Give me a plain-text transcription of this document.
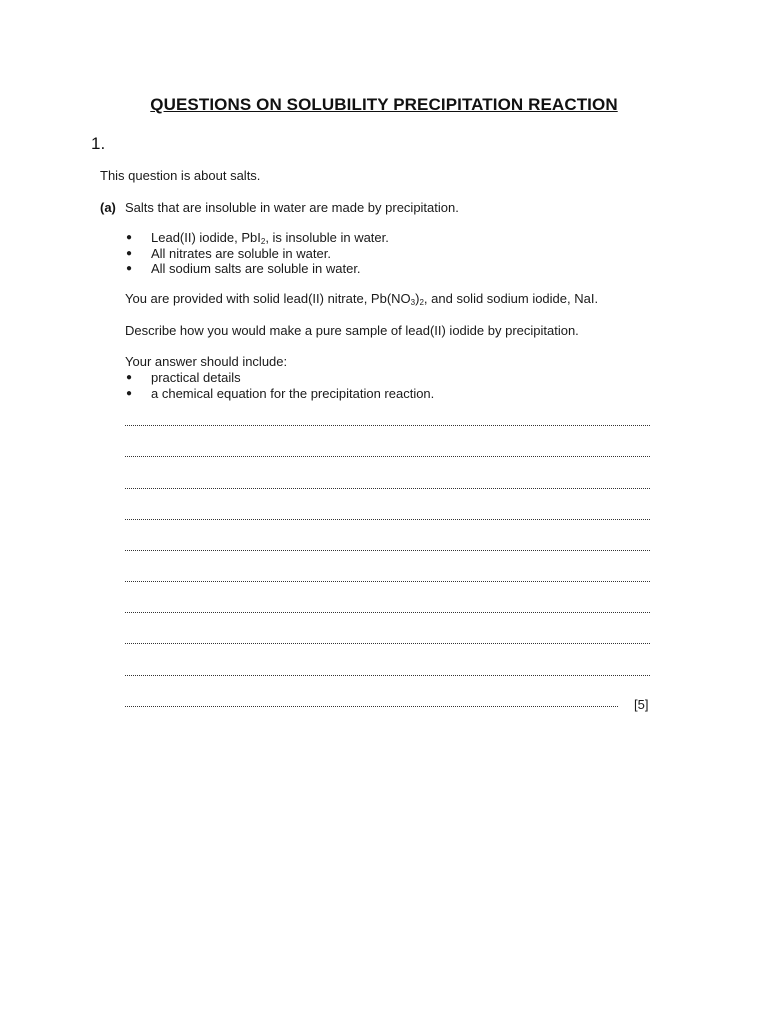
QUESTIONS ON SOLUBILITY PRECIPITATION REACTION
1.
This question is about salts.
(a) Salts that are insoluble in water are made by precipitation.
● Lead(II) iodide, PbI$_2$, is insoluble in water.
● All nitrates are soluble in water.
● All sodium salts are soluble in water.
You are provided with solid lead(II) nitrate, $Pb(NO_3)_2$, and solid sodium iodide, NaI.
Describe how you would make a pure sample of lead(II) iodide by precipitation.
Your answer should include:
● practical details
● a chemical equation for the precipitation reaction.
[5]
